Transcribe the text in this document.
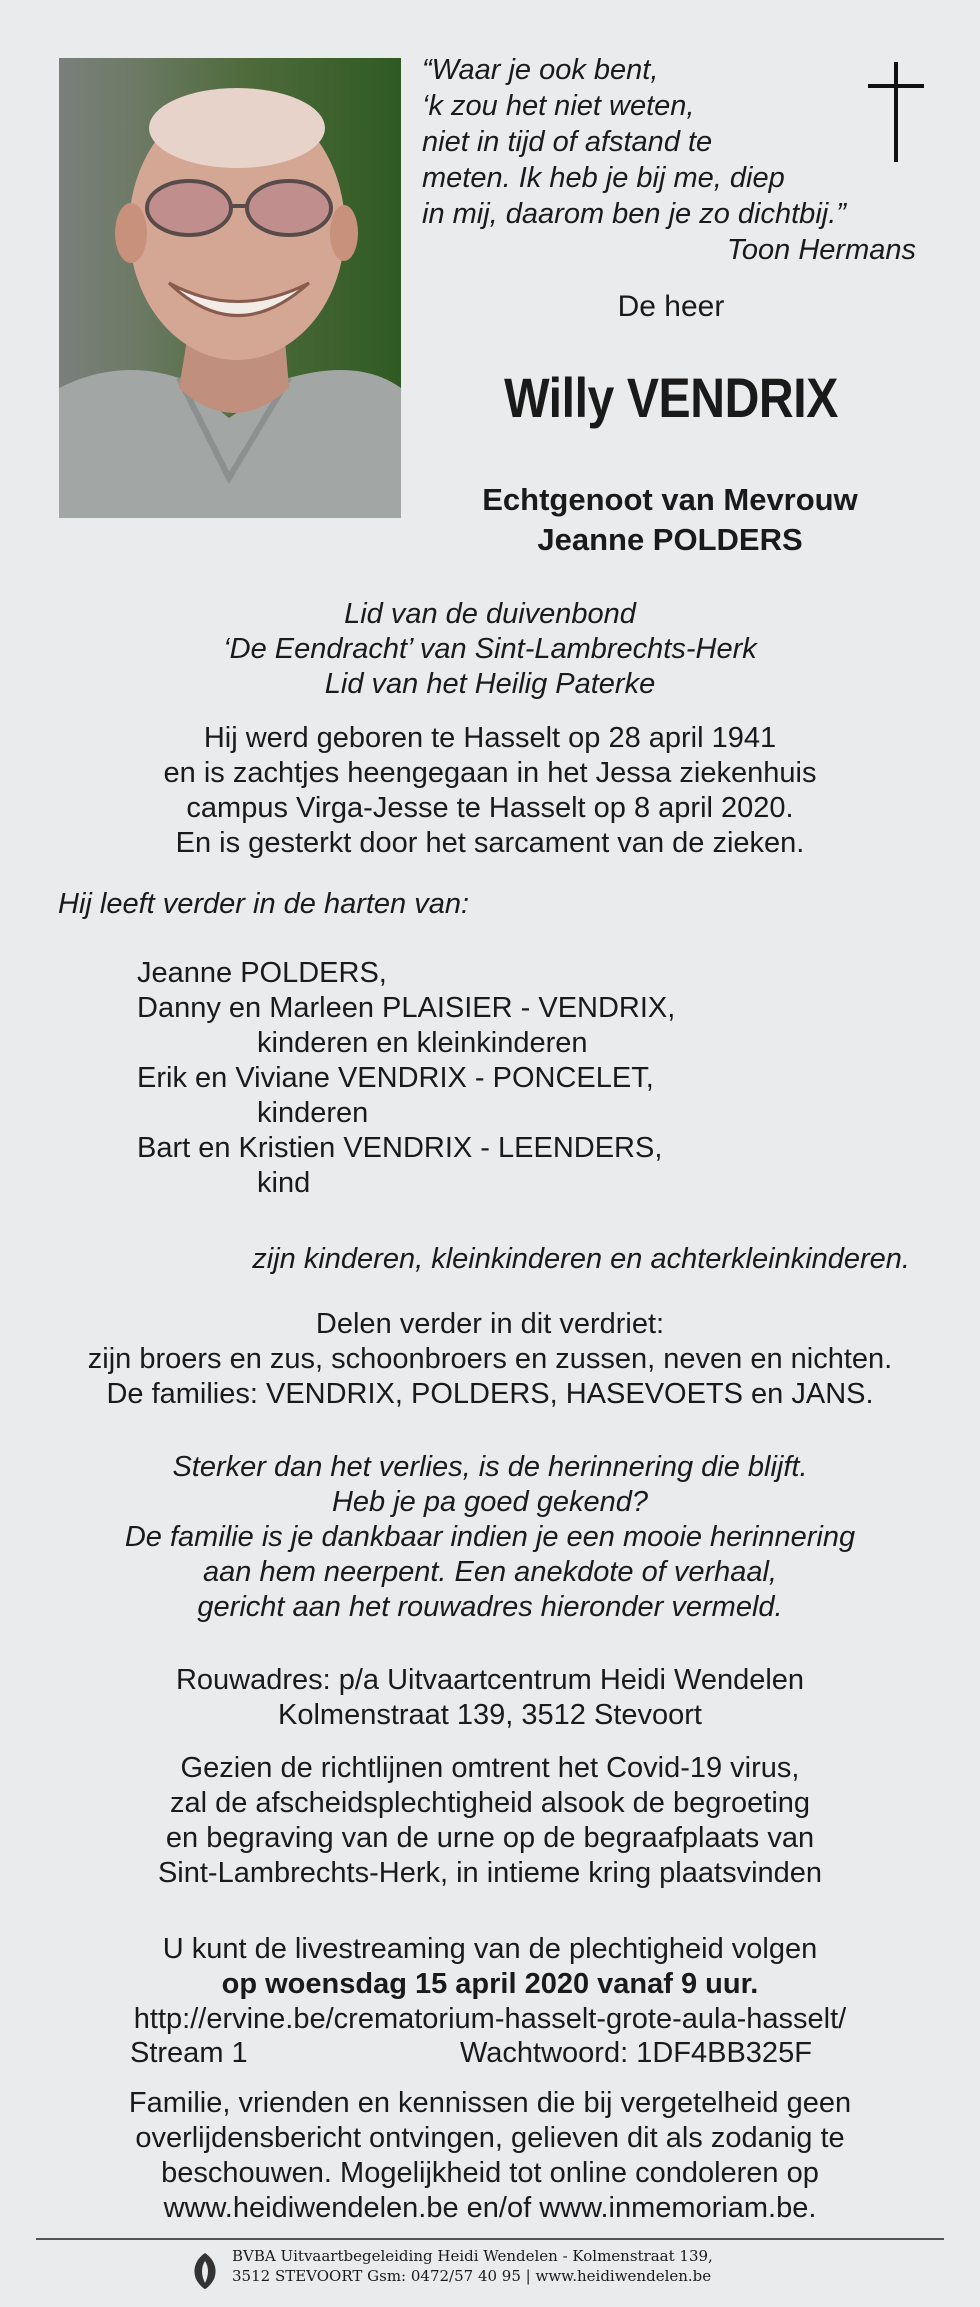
“Waar je ook bent,
‘k zou het niet weten,
niet in tijd of afstand te
meten. Ik heb je bij me, diep
in mij, daarom ben je zo dichtbij.”
Toon Hermans
De heer
Willy VENDRIX
Echtgenoot van Mevrouw
Jeanne POLDERS
Lid van de duivenbond
‘De Eendracht’ van Sint-Lambrechts-Herk
Lid van het Heilig Paterke
Hij werd geboren te Hasselt op 28 april 1941
en is zachtjes heengegaan in het Jessa ziekenhuis
campus Virga-Jesse te Hasselt op 8 april 2020.
En is gesterkt door het sarcament van de zieken.
Hij leeft verder in de harten van:
Jeanne POLDERS,
Danny en Marleen PLAISIER - VENDRIX,
kinderen en kleinkinderen
Erik en Viviane VENDRIX - PONCELET,
kinderen
Bart en Kristien VENDRIX - LEENDERS,
kind
zijn kinderen, kleinkinderen en achterkleinkinderen.
Delen verder in dit verdriet:
zijn broers en zus, schoonbroers en zussen, neven en nichten.
De families: VENDRIX, POLDERS, HASEVOETS en JANS.
Sterker dan het verlies, is de herinnering die blijft.
Heb je pa goed gekend?
De familie is je dankbaar indien je een mooie herinnering
aan hem neerpent. Een anekdote of verhaal,
gericht aan het rouwadres hieronder vermeld.
Rouwadres: p/a Uitvaartcentrum Heidi Wendelen
Kolmenstraat 139, 3512 Stevoort
Gezien de richtlijnen omtrent het Covid-19 virus,
zal de afscheidsplechtigheid alsook de begroeting
en begraving van de urne op de begraafplaats van
Sint-Lambrechts-Herk, in intieme kring plaatsvinden
U kunt de livestreaming van de plechtigheid volgen
op woensdag 15 april 2020 vanaf 9 uur.
http://ervine.be/crematorium-hasselt-grote-aula-hasselt/
Stream 1	Wachtwoord: 1DF4BB325F
Familie, vrienden en kennissen die bij vergetelheid geen
overlijdensbericht ontvingen, gelieven dit als zodanig te
beschouwen. Mogelijkheid tot online condoleren op
www.heidiwendelen.be en/of www.inmemoriam.be.
BVBA Uitvaartbegeleiding Heidi Wendelen - Kolmenstraat 139,
3512 STEVOORT Gsm: 0472/57 40 95 | www.heidiwendelen.be
